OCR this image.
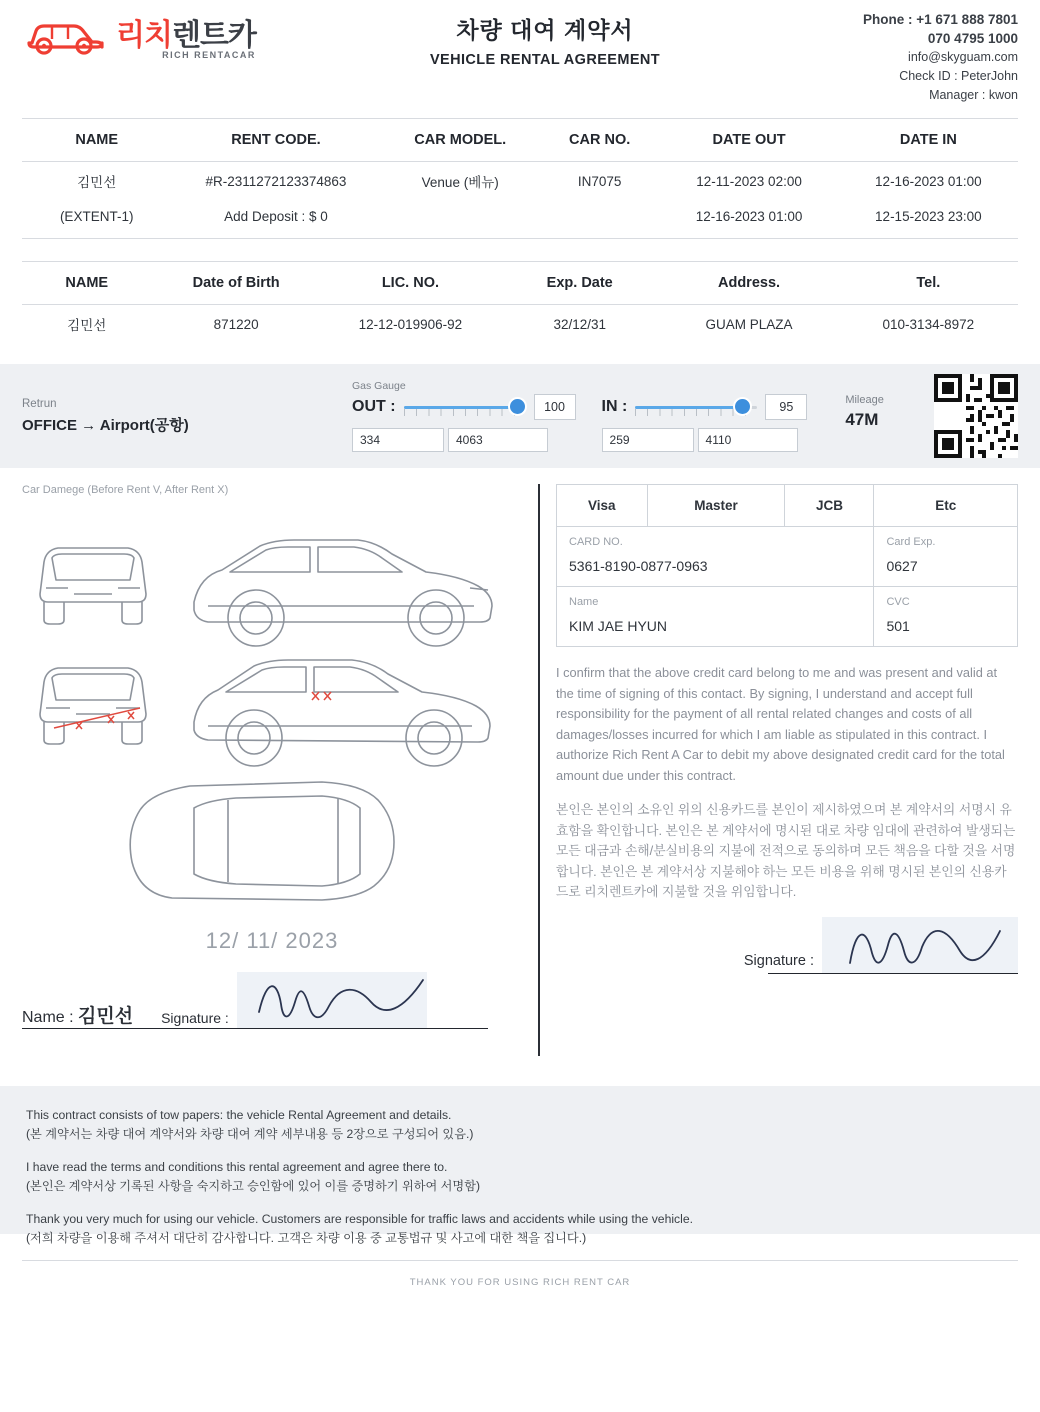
리치렌트카
RICH RENTACAR
차량 대여 계약서
VEHICLE RENTAL AGREEMENT
Phone : +1 671 888 7801
070 4795 1000
info@skyguam.com
Check ID : PeterJohn
Manager : kwon
NAME	RENT CODE.	CAR MODEL.	CAR NO.	DATE OUT	DATE IN
김민선	#R-2311272123374863	Venue (베뉴)	IN7075	12-11-2023 02:00	12-16-2023 01:00
(EXTENT-1)	Add Deposit : $ 0			12-16-2023 01:00	12-15-2023 23:00
NAME	Date of Birth	LIC. NO.	Exp. Date	Address.	Tel.
김민선	871220	12-12-019906-92	32/12/31	GUAM PLAZA	010-3134-8972
Retrun
OFFICE → Airport(공항)
Gas Gauge
OUT :	100
334	4063
IN :	95
259	4110
Mileage
47M
Car Damege (Before Rent V, After Rent X)
12/ 11/ 2023
Name : 김민선 Signature :
Visa	Master	JCB	Etc

CARD NO.
5361-8190-0877-0963

Card Exp.
0627

Name
KIM JAE HYUN

CVC
501

I confirm that the above credit card belong to me and was present and valid at the time of signing of this contact. By signing, I understand and accept full responsibility for the payment of all rental related changes and costs of all damages/losses incurred for which I am liable as stipulated in this contract. I authorize Rich Rent A Car to debit my above designated credit card for the total amount due under this contract.

본인은 본인의 소유인 위의 신용카드를 본인이 제시하였으며 본 계약서의 서명시 유효함을 확인합니다. 본인은 본 계약서에 명시된 대로 차량 임대에 관련하여 발생되는 모든 대금과 손해/분실비용의 지불에 전적으로 동의하며 모든 책음을 다할 것을 서명합니다. 본인은 본 계약서상 지불해야 하는 모든 비용을 위해 명시된 본인의 신용카드로 리치렌트카에 지불할 것을 위임합니다.

Signature :

This contract consists of tow papers: the vehicle Rental Agreement and details.
(본 계약서는 차량 대여 계약서와 차량 대여 계약 세부내용 등 2장으로 구성되어 있음.)

I have read the terms and conditions this rental agreement and agree there to.
(본인은 계약서상 기록된 사항을 숙지하고 승인함에 있어 이를 증명하기 위하여 서명함)

Thank you very much for using our vehicle. Customers are responsible for traffic laws and accidents while using the vehicle.
(저희 차량을 이용해 주셔서 대단히 감사합니다. 고객은 차량 이용 중 교통법규 및 사고에 대한 책을 집니다.)

THANK YOU FOR USING RICH RENT CAR
